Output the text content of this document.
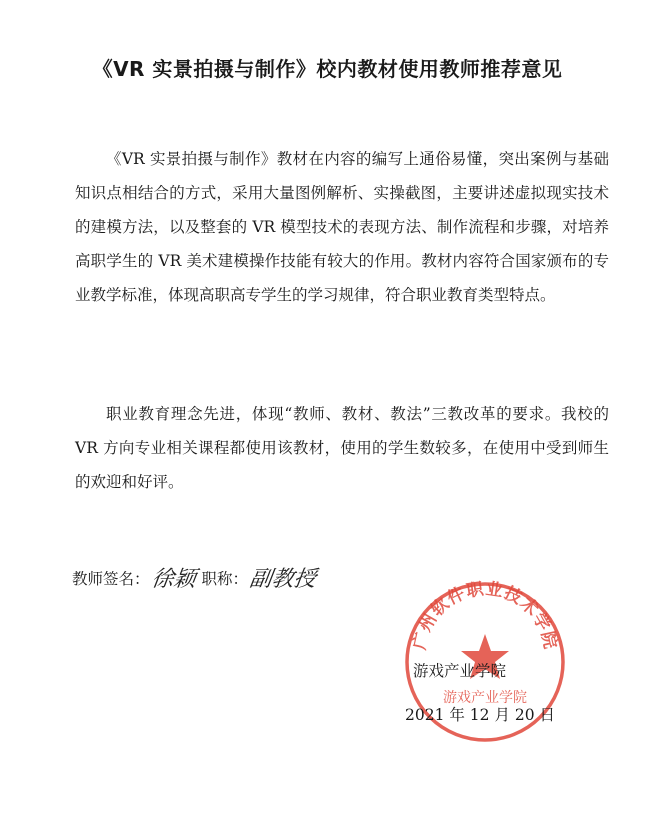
《VR 实景拍摄与制作》校内教材使用教师推荐意见

《VR 实景拍摄与制作》教材在内容的编写上通俗易懂，突出案例与基础知识点相结合的方式，采用大量图例解析、实操截图，主要讲述虚拟现实技术的建模方法，以及整套的 VR 模型技术的表现方法、制作流程和步骤，对培养高职学生的 VR 美术建模操作技能有较大的作用。教材内容符合国家颁布的专业教学标准，体现高职高专学生的学习规律，符合职业教育类型特点。

职业教育理念先进，体现“教师、教材、教法”三教改革的要求。我校的 VR 方向专业相关课程都使用该教材，使用的学生数较多，在使用中受到师生的欢迎和好评。

教师签名： 徐颖 职称： 副教授
广州软件职业技术学院
游戏产业学院
游戏产业学院
2021 年 12 月 20 日
